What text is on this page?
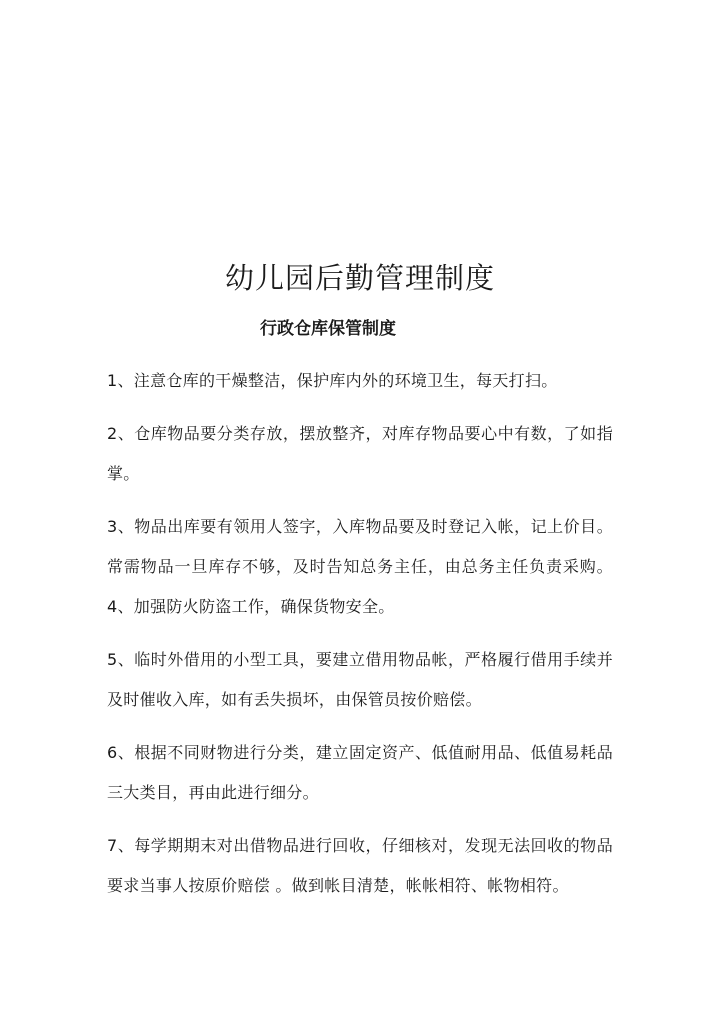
幼儿园后勤管理制度
行政仓库保管制度

1、注意仓库的干燥整洁，保护库内外的环境卫生，每天打扫。

2、仓库物品要分类存放，摆放整齐，对库存物品要心中有数，了如指掌。

3、物品出库要有领用人签字，入库物品要及时登记入帐，记上价目。常需物品一旦库存不够，及时告知总务主任，由总务主任负责采购。 4、加强防火防盗工作，确保货物安全。

5、临时外借用的小型工具，要建立借用物品帐，严格履行借用手续并及时催收入库，如有丢失损坏，由保管员按价赔偿。

6、根据不同财物进行分类，建立固定资产、低值耐用品、低值易耗品三大类目，再由此进行细分。

7、每学期期末对出借物品进行回收，仔细核对，发现无法回收的物品要求当事人按原价赔偿 。做到帐目清楚，帐帐相符、帐物相符。
